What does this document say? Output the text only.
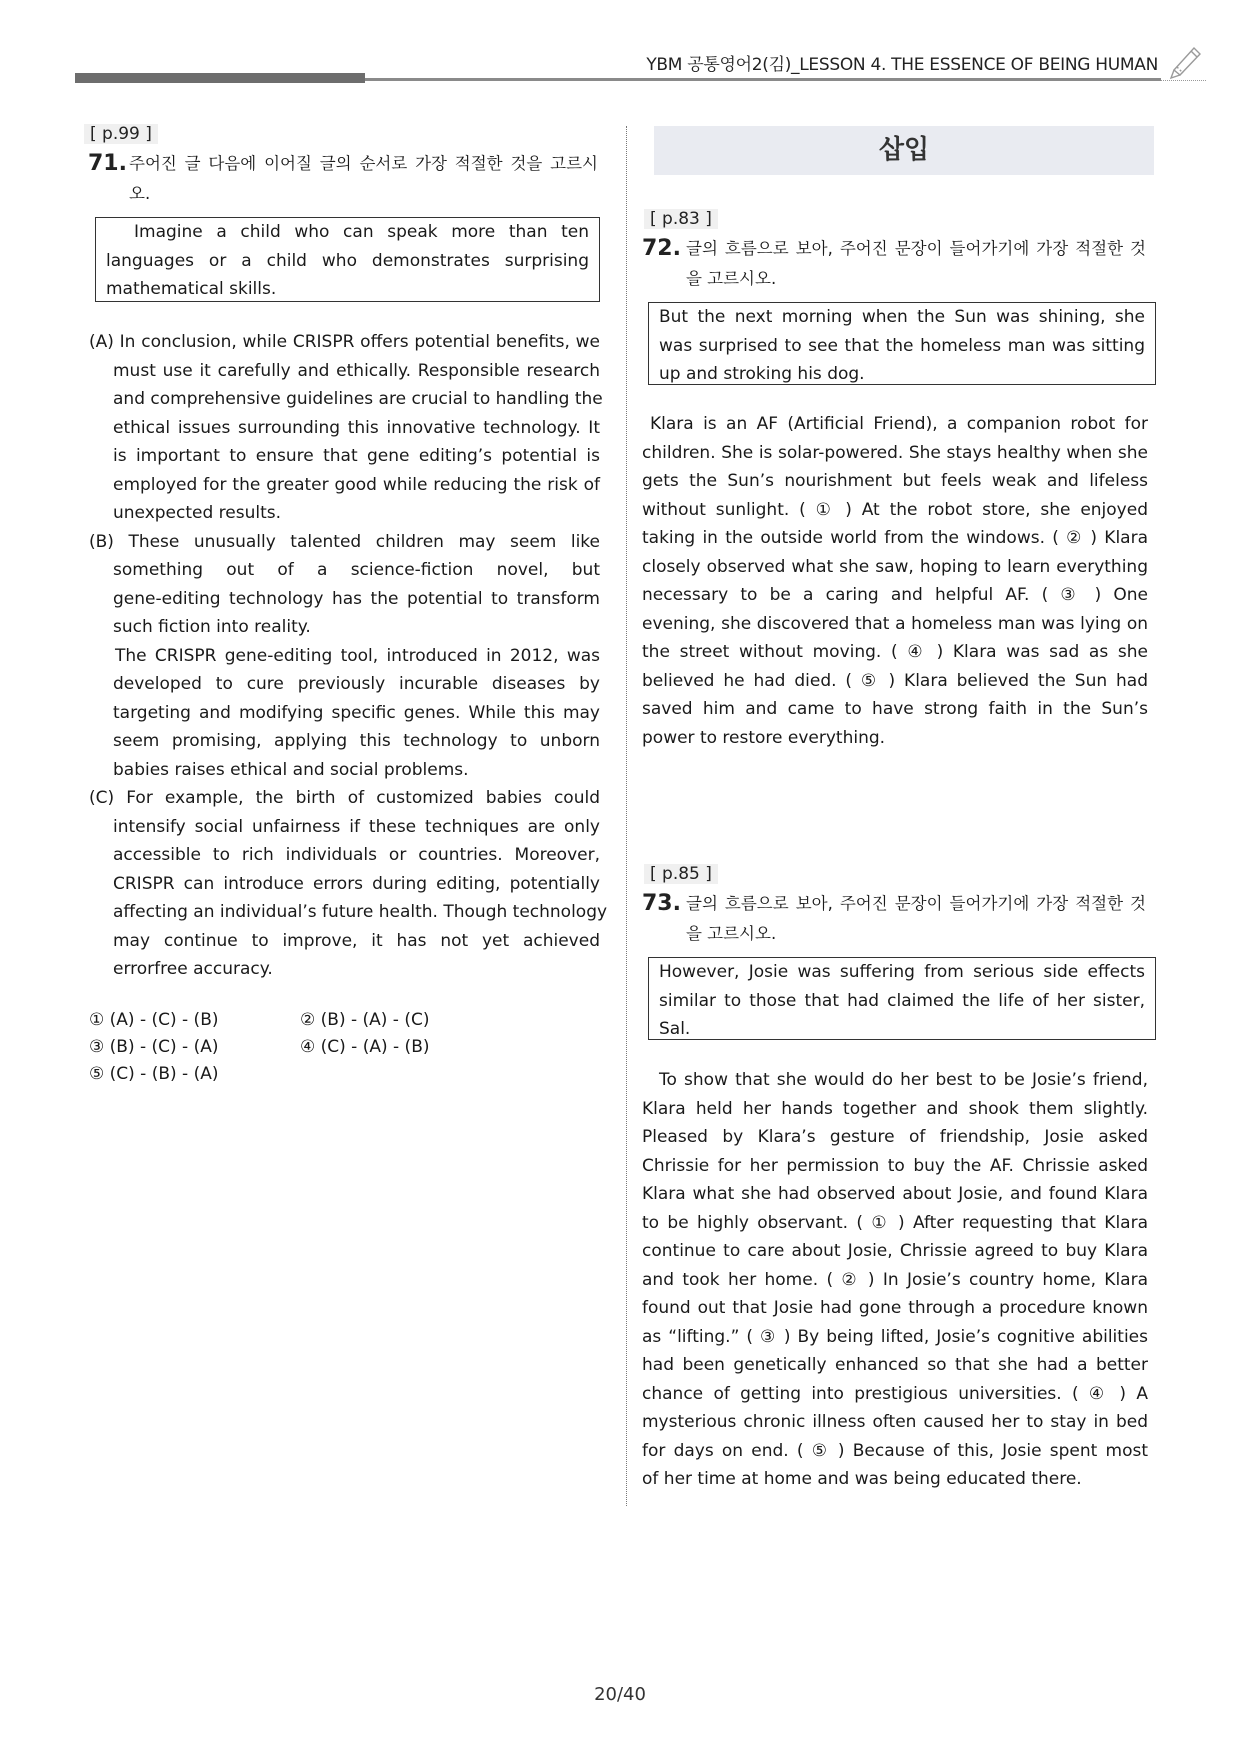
YBM 공통영어2(김)_LESSON 4. THE ESSENCE OF BEING HUMAN
[ p.99 ]
71. 주어진 글 다음에 이어질 글의 순서로 가장 적절한 것을 고르시
오.
Imagine a child who can speak more than ten
languages or a child who demonstrates surprising
mathematical skills.
(A) In conclusion, while CRISPR offers potential benefits, we
must use it carefully and ethically. Responsible research
and comprehensive guidelines are crucial to handling the
ethical issues surrounding this innovative technology. It
is important to ensure that gene editing’s potential is
employed for the greater good while reducing the risk of
unexpected results.
(B) These unusually talented children may seem like
something out of a science-fiction novel, but
gene-editing technology has the potential to transform
such fiction into reality.
The CRISPR gene-editing tool, introduced in 2012, was
developed to cure previously incurable diseases by
targeting and modifying specific genes. While this may
seem promising, applying this technology to unborn
babies raises ethical and social problems.
(C) For example, the birth of customized babies could
intensify social unfairness if these techniques are only
accessible to rich individuals or countries. Moreover,
CRISPR can introduce errors during editing, potentially
affecting an individual’s future health. Though technology
may continue to improve, it has not yet achieved
errorfree accuracy.
① (A) - (C) - (B)	② (B) - (A) - (C)
③ (B) - (C) - (A)	④ (C) - (A) - (B)
⑤ (C) - (B) - (A)
삽입
[ p.83 ]
72. 글의 흐름으로 보아, 주어진 문장이 들어가기에 가장 적절한 것
을 고르시오.
But the next morning when the Sun was shining, she
was surprised to see that the homeless man was sitting
up and stroking his dog.
Klara is an AF (Artificial Friend), a companion robot for
children. She is solar-powered. She stays healthy when she
gets the Sun’s nourishment but feels weak and lifeless
without sunlight. ( ① ) At the robot store, she enjoyed
taking in the outside world from the windows. ( ② ) Klara
closely observed what she saw, hoping to learn everything
necessary to be a caring and helpful AF. ( ③ ) One
evening, she discovered that a homeless man was lying on
the street without moving. ( ④ ) Klara was sad as she
believed he had died. ( ⑤ ) Klara believed the Sun had
saved him and came to have strong faith in the Sun’s
power to restore everything.
[ p.85 ]
73. 글의 흐름으로 보아, 주어진 문장이 들어가기에 가장 적절한 것
을 고르시오.
However, Josie was suffering from serious side effects
similar to those that had claimed the life of her sister,
Sal.
To show that she would do her best to be Josie’s friend,
Klara held her hands together and shook them slightly.
Pleased by Klara’s gesture of friendship, Josie asked
Chrissie for her permission to buy the AF. Chrissie asked
Klara what she had observed about Josie, and found Klara
to be highly observant. ( ① ) After requesting that Klara
continue to care about Josie, Chrissie agreed to buy Klara
and took her home. ( ② ) In Josie’s country home, Klara
found out that Josie had gone through a procedure known
as “lifting.” ( ③ ) By being lifted, Josie’s cognitive abilities
had been genetically enhanced so that she had a better
chance of getting into prestigious universities. ( ④ ) A
mysterious chronic illness often caused her to stay in bed
for days on end. ( ⑤ ) Because of this, Josie spent most
of her time at home and was being educated there.
20/40
